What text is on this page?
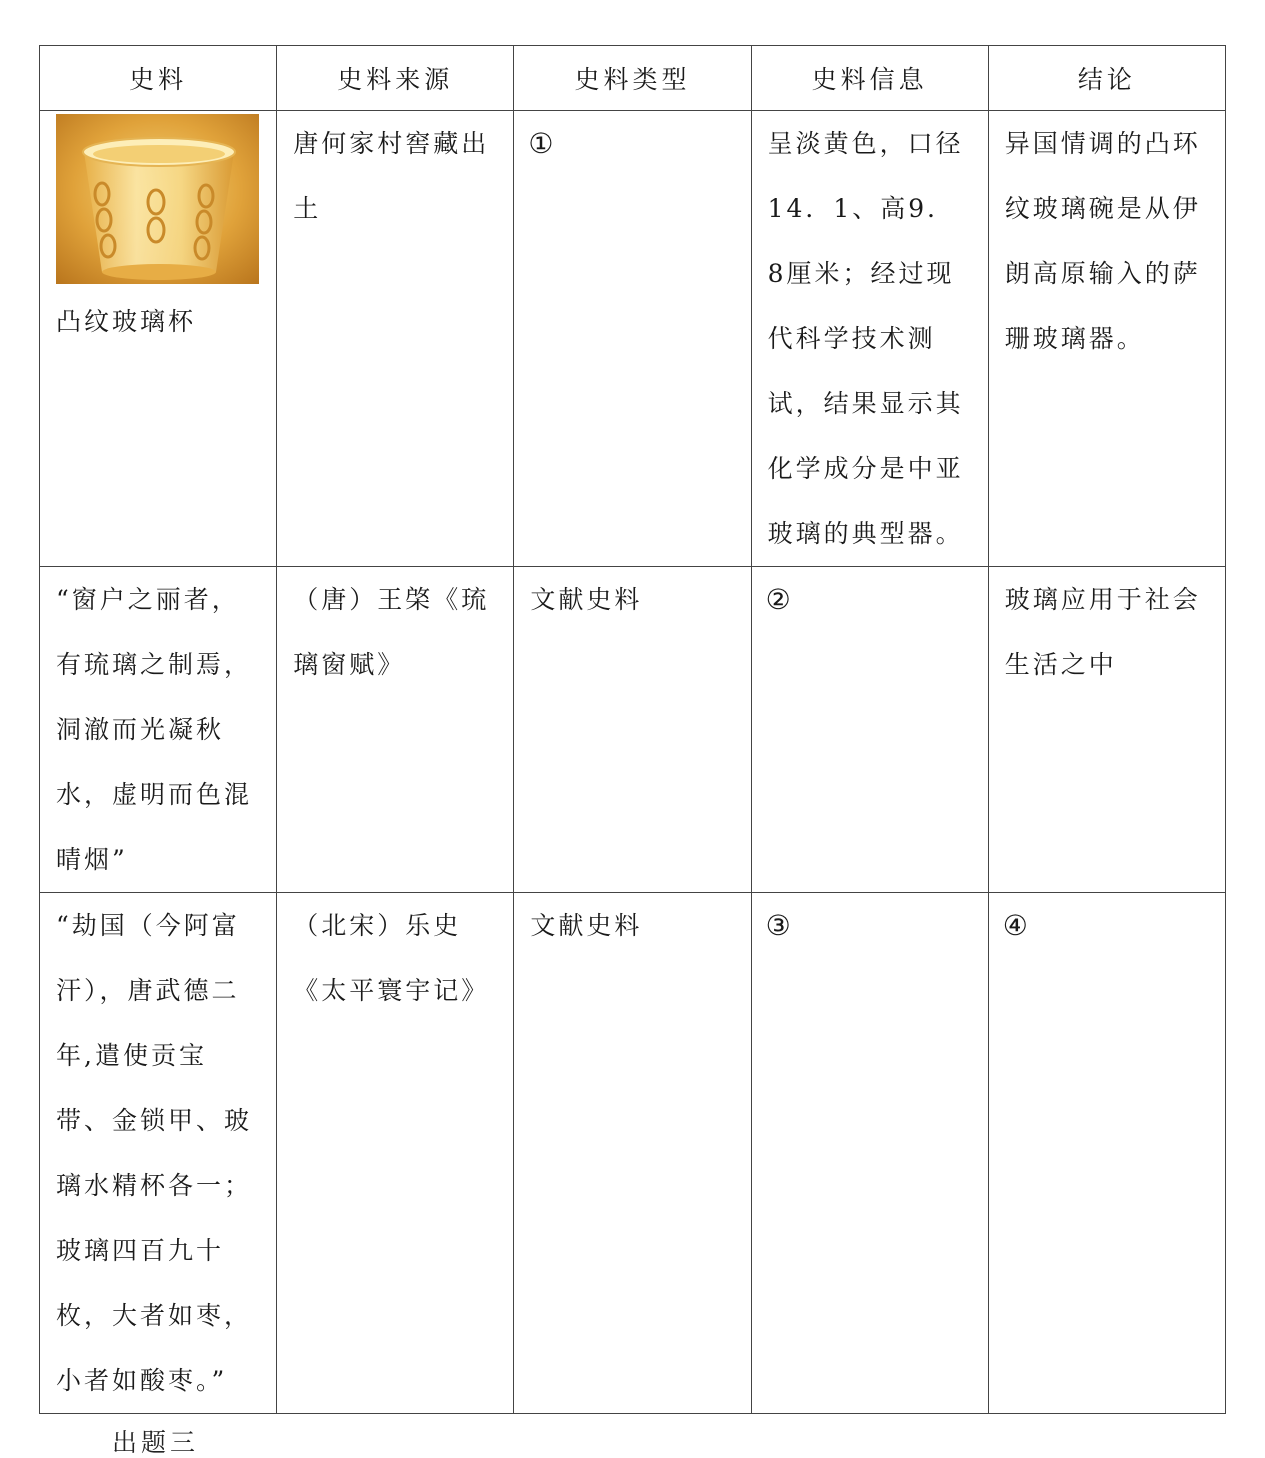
史料	史料来源	史料类型	史料信息	结论

凸纹玻璃杯	唐何家村窖藏出土	①	呈淡黄色，口径14．1、高9．8厘米；经过现代科学技术测试，结果显示其化学成分是中亚玻璃的典型器。	异国情调的凸环纹玻璃碗是从伊朗高原输入的萨珊玻璃器。

“窗户之丽者，有琉璃之制焉，洞澈而光凝秋水，虚明而色混晴烟”	（唐）王棨《琉璃窗赋》	文献史料	②	玻璃应用于社会生活之中

“劫国（今阿富汗），唐武德二年,遣使贡宝带、金锁甲、玻璃水精杯各一；玻璃四百九十枚，大者如枣，小者如酸枣。”	（北宋）乐史《太平寰宇记》	文献史料	③	④
出题三
